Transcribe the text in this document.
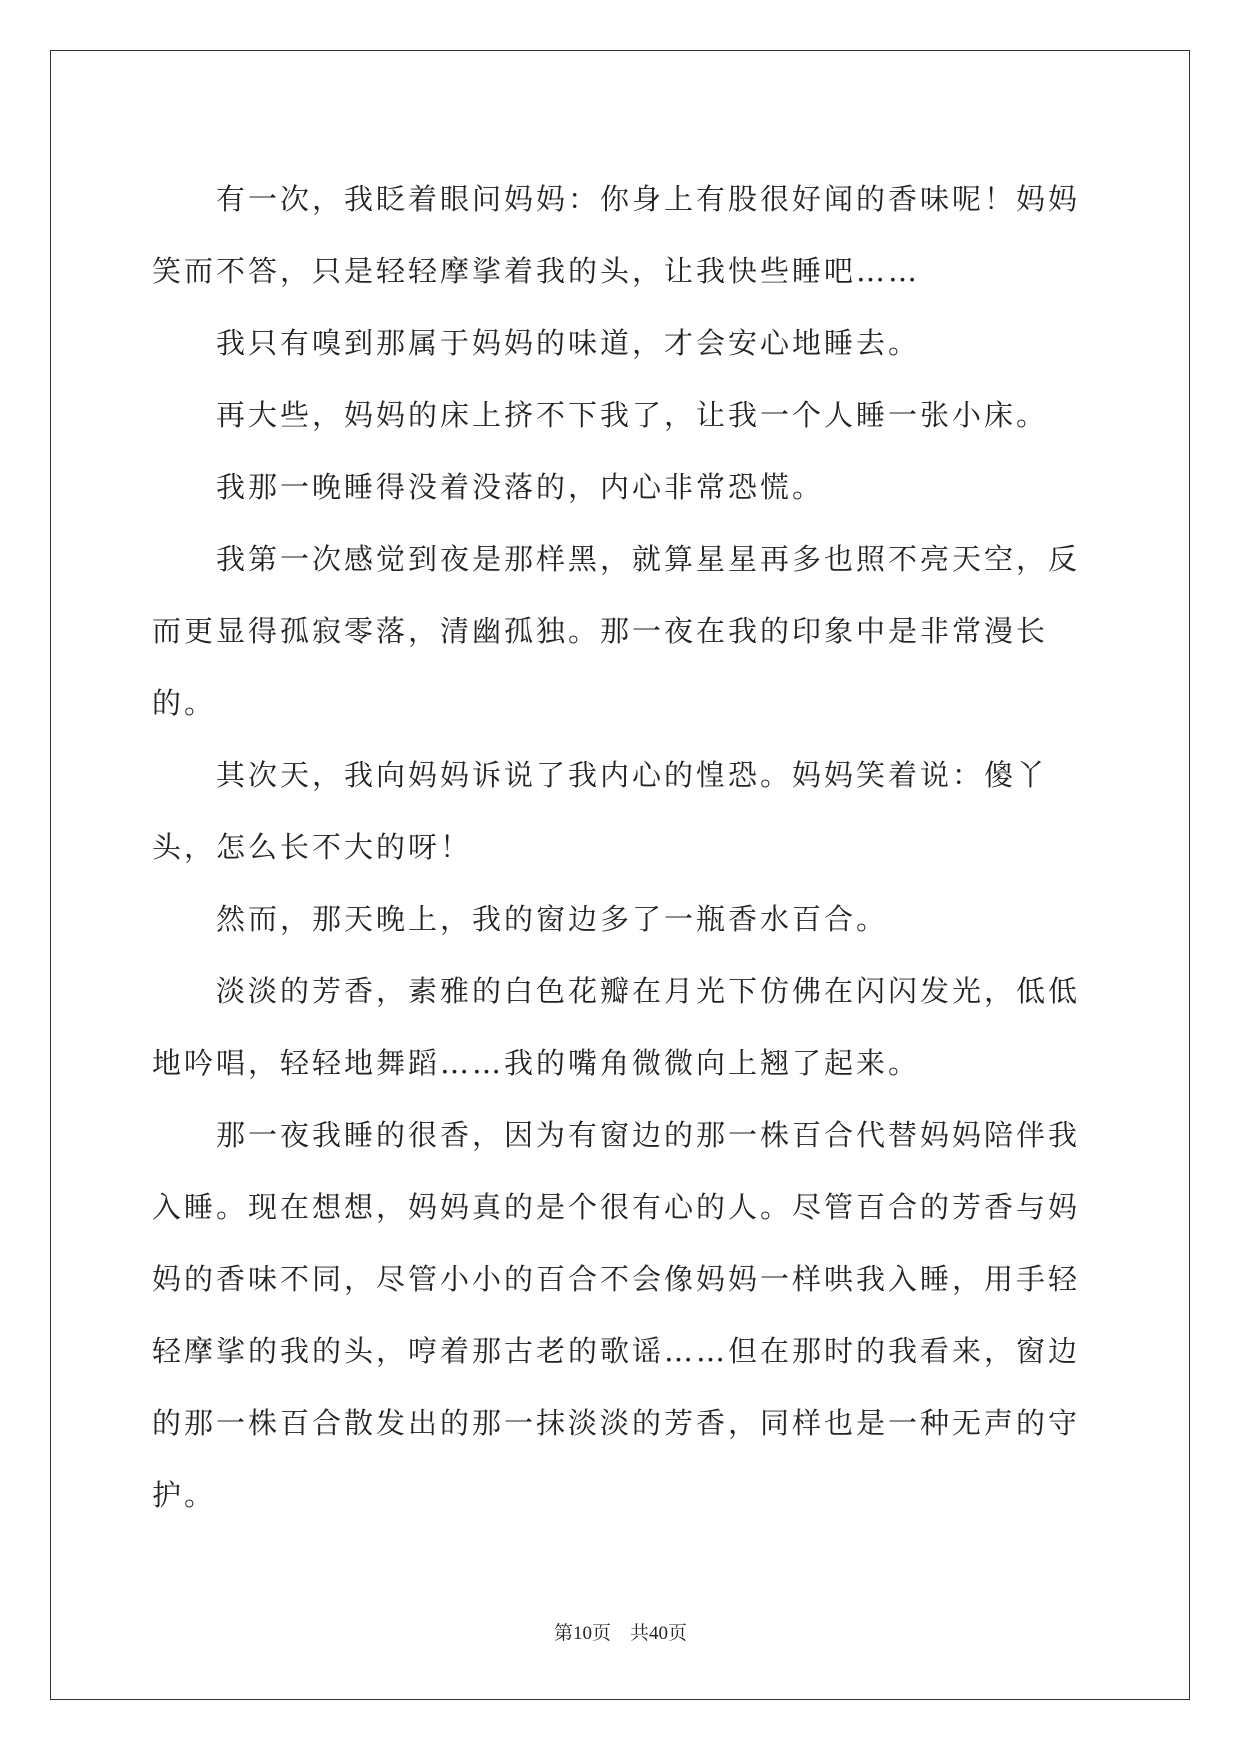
有一次，我眨着眼问妈妈：你身上有股很好闻的香味呢！妈妈笑而不答，只是轻轻摩挲着我的头，让我快些睡吧……

我只有嗅到那属于妈妈的味道，才会安心地睡去。

再大些，妈妈的床上挤不下我了，让我一个人睡一张小床。

我那一晚睡得没着没落的，内心非常恐慌。

我第一次感觉到夜是那样黑，就算星星再多也照不亮天空，反而更显得孤寂零落，清幽孤独。那一夜在我的印象中是非常漫长的。

其次天，我向妈妈诉说了我内心的惶恐。妈妈笑着说：傻丫头，怎么长不大的呀！

然而，那天晚上，我的窗边多了一瓶香水百合。

淡淡的芳香，素雅的白色花瓣在月光下仿佛在闪闪发光，低低地吟唱，轻轻地舞蹈……我的嘴角微微向上翘了起来。

那一夜我睡的很香，因为有窗边的那一株百合代替妈妈陪伴我入睡。现在想想，妈妈真的是个很有心的人。尽管百合的芳香与妈妈的香味不同，尽管小小的百合不会像妈妈一样哄我入睡，用手轻轻摩挲的我的头，哼着那古老的歌谣……但在那时的我看来，窗边的那一株百合散发出的那一抹淡淡的芳香，同样也是一种无声的守护。

第10页　共40页
